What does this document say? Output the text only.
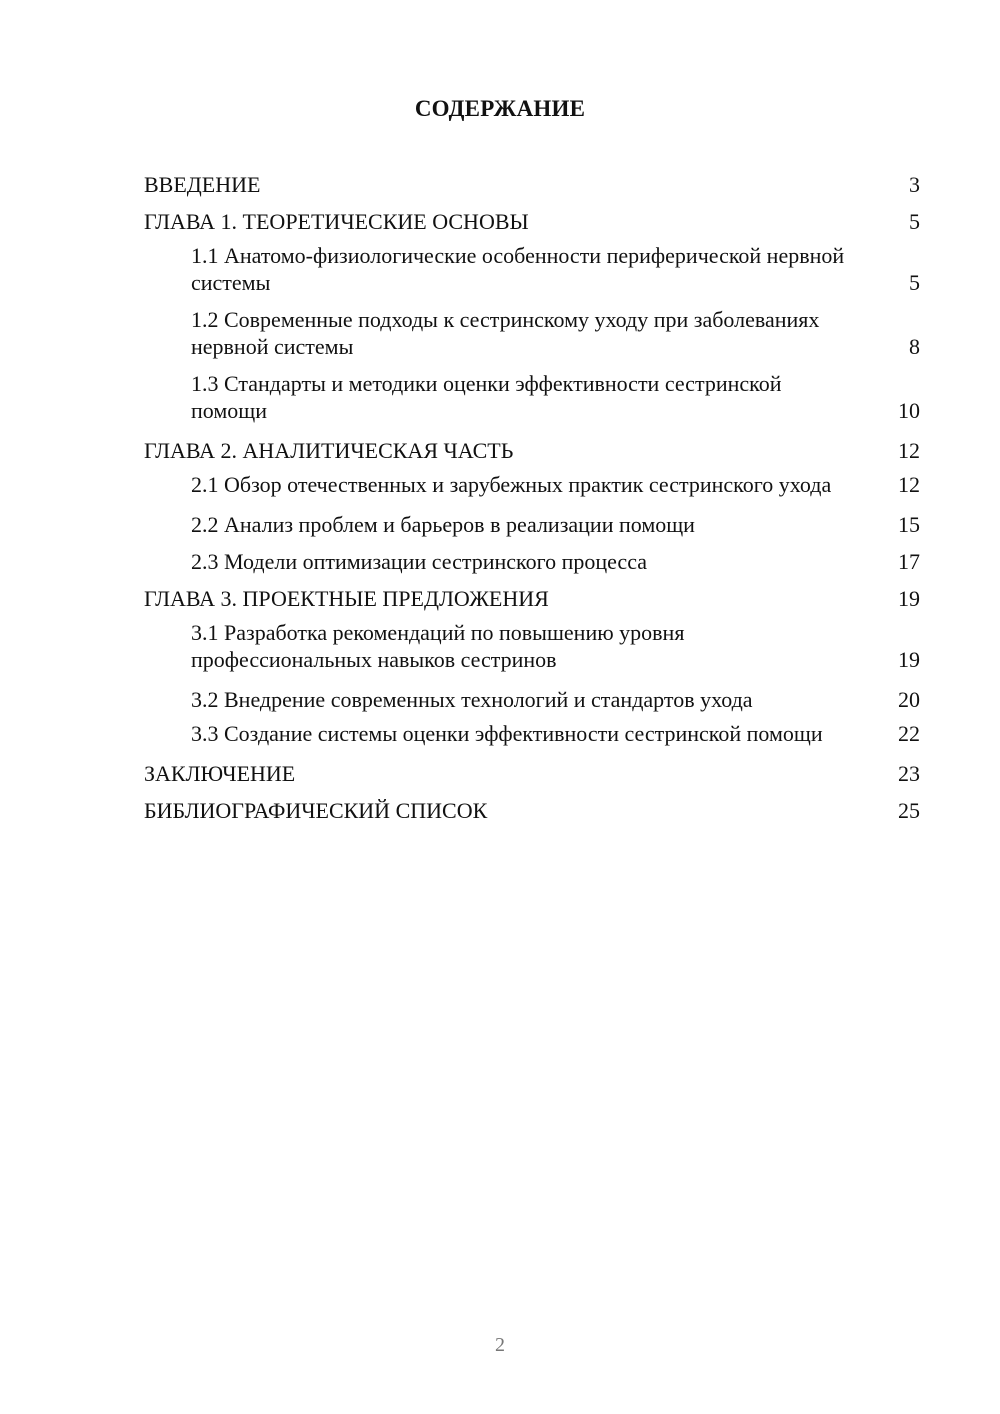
СОДЕРЖАНИЕ
ВВЕДЕНИЕ	3
ГЛАВА 1. ТЕОРЕТИЧЕСКИЕ ОСНОВЫ	5
1.1 Анатомо-физиологические особенности периферической нервной системы	5
1.2 Современные подходы к сестринскому уходу при заболеваниях нервной системы	8
1.3 Стандарты и методики оценки эффективности сестринской помощи	10
ГЛАВА 2. АНАЛИТИЧЕСКАЯ ЧАСТЬ	12
2.1 Обзор отечественных и зарубежных практик сестринского ухода	12
2.2 Анализ проблем и барьеров в реализации помощи	15
2.3 Модели оптимизации сестринского процесса	17
ГЛАВА 3. ПРОЕКТНЫЕ ПРЕДЛОЖЕНИЯ	19
3.1 Разработка рекомендаций по повышению уровня профессиональных навыков сестринов	19
3.2 Внедрение современных технологий и стандартов ухода	20
3.3 Создание системы оценки эффективности сестринской помощи	22
ЗАКЛЮЧЕНИЕ	23
БИБЛИОГРАФИЧЕСКИЙ СПИСОК	25
2
